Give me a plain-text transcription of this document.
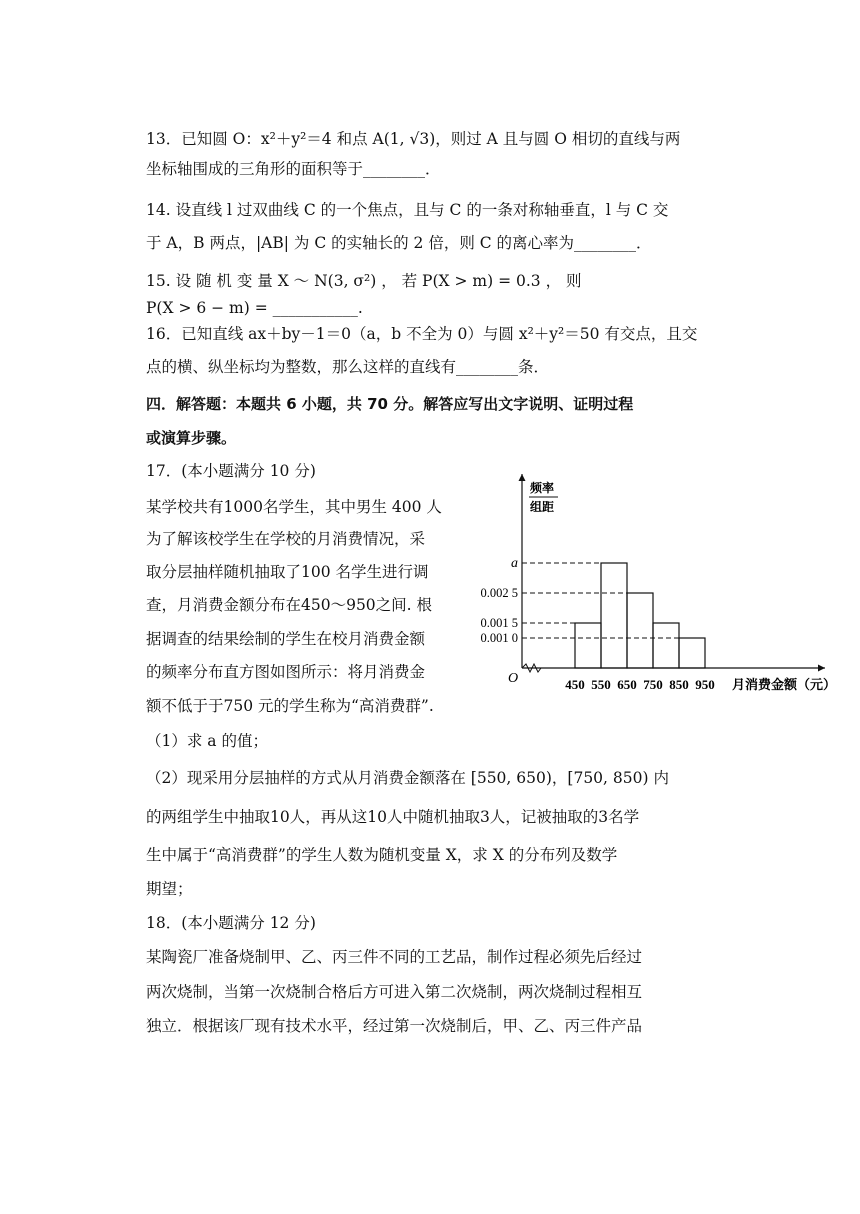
13．已知圆 O：x²＋y²＝4 和点 A(1, √3)，则过 A 且与圆 O 相切的直线与两
坐标轴围成的三角形的面积等于________．
14. 设直线 l 过双曲线 C 的一个焦点，且与 C 的一条对称轴垂直，l 与 C 交
于 A，B 两点，|AB| 为 C 的实轴长的 2 倍，则 C 的离心率为________．
15. 设 随 机 变 量 X ～ N(3, σ²) ， 若 P(X > m) = 0.3 ， 则
P(X > 6 − m) = ___________.
16．已知直线 ax＋by－1＝0（a，b 不全为 0）与圆 x²＋y²＝50 有交点，且交
点的横、纵坐标均为整数，那么这样的直线有________条．
四．解答题：本题共 6 小题，共 70 分。解答应写出文字说明、证明过程
或演算步骤。
17．(本小题满分 10 分)
某学校共有1000名学生，其中男生 400 人
为了解该校学生在学校的月消费情况，采
取分层抽样随机抽取了100 名学生进行调
查，月消费金额分布在450～950之间. 根
据调查的结果绘制的学生在校月消费金额
的频率分布直方图如图所示：将月消费金
额不低于于750 元的学生称为“高消费群”.
（1）求 a 的值；
（2）现采用分层抽样的方式从月消费金额落在 [550, 650)，[750, 850) 内
的两组学生中抽取10人，再从这10人中随机抽取3人，记被抽取的3名学
生中属于“高消费群”的学生人数为随机变量 X，求 X 的分布列及数学
期望；
18．(本小题满分 12 分)
某陶瓷厂准备烧制甲、乙、丙三件不同的工艺品，制作过程必须先后经过
两次烧制，当第一次烧制合格后方可进入第二次烧制，两次烧制过程相互
独立．根据该厂现有技术水平，经过第一次烧制后，甲、乙、丙三件产品
a
0.002 5
0.001 5
0.001 0
450 550 650 750 850 950
O	月消费金额（元）
频率
组距
